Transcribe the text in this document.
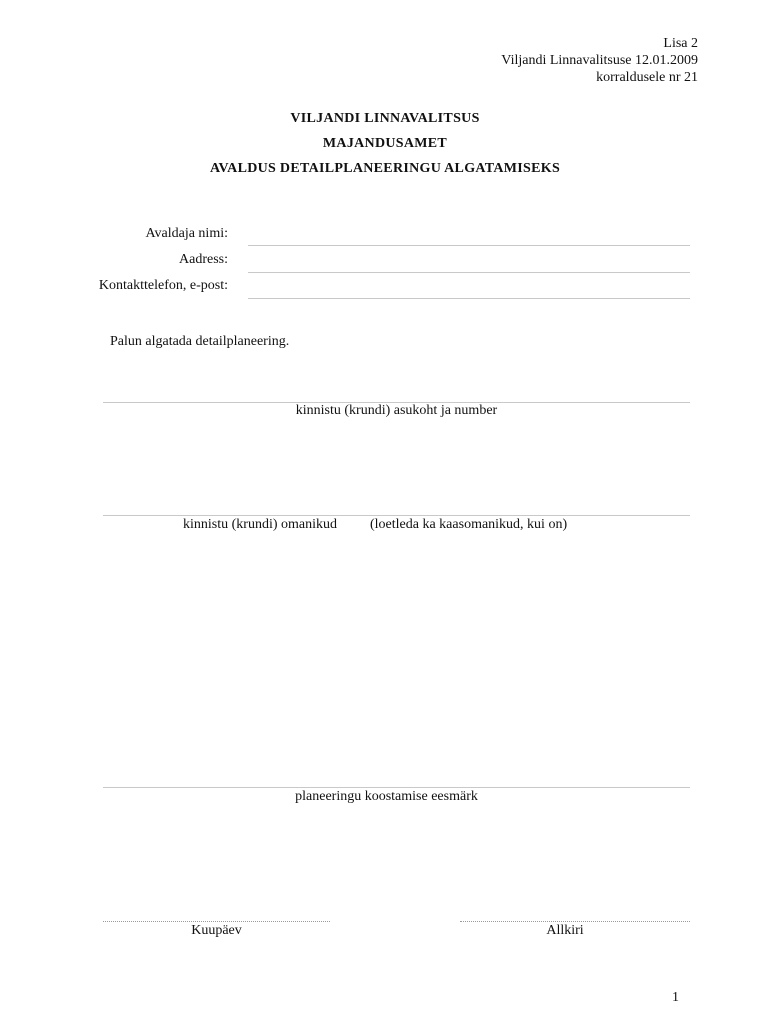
Lisa 2
Viljandi Linnavalitsuse 12.01.2009
korraldusele nr 21
VILJANDI LINNAVALITSUS
MAJANDUSAMET
AVALDUS DETAILPLANEERINGU ALGATAMISEKS
Avaldaja nimi:
Aadress:
Kontakttelefon, e-post:
Palun algatada detailplaneering.
kinnistu (krundi) asukoht ja number
kinnistu (krundi) omanikud (loetleda ka kaasomanikud, kui on)
planeeringu koostamise eesmärk
Kuupäev	Allkiri
1
